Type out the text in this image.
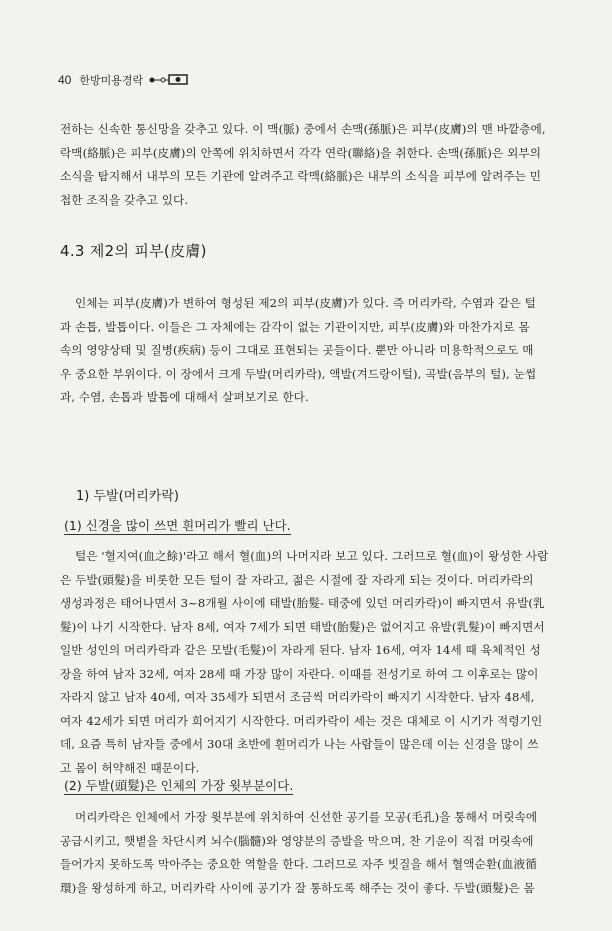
40 한방미용경락
전하는 신속한 통신망을 갖추고 있다. 이 맥(脈) 중에서 손맥(孫脈)은 피부(皮膚)의 맨 바깥층에,
락맥(絡脈)은 피부(皮膚)의 안쪽에 위치하면서 각각 연락(聯絡)을 취한다. 손맥(孫脈)은 외부의
소식을 탐지해서 내부의 모든 기관에 알려주고 락맥(絡脈)은 내부의 소식을 피부에 알려주는 민
첩한 조직을 갖추고 있다.
4.3 제2의 피부(皮膚)
인체는 피부(皮膚)가 변하여 형성된 제2의 피부(皮膚)가 있다. 즉 머리카락, 수염과 같은 털
과 손톱, 발톱이다. 이들은 그 자체에는 감각이 없는 기관이지만, 피부(皮膚)와 마찬가지로 몸
속의 영양상태 및 질병(疾病) 등이 그대로 표현되는 곳들이다. 뿐만 아니라 미용학적으로도 매
우 중요한 부위이다. 이 장에서 크게 두발(머리카락), 액발(겨드랑이털), 곡발(음부의 털), 눈썹
과, 수염, 손톱과 발톱에 대해서 살펴보기로 한다.
1) 두발(머리카락)
(1) 신경을 많이 쓰면 흰머리가 빨리 난다.
털은 '혈지여(血之餘)'라고 해서 혈(血)의 나머지라 보고 있다. 그러므로 혈(血)이 왕성한 사람
은 두발(頭髮)을 비롯한 모든 털이 잘 자라고, 젊은 시절에 잘 자라게 되는 것이다. 머리카락의
생성과정은 태어나면서 3~8개월 사이에 태발(胎髮- 태중에 있던 머리카락)이 빠지면서 유발(乳
髮)이 나기 시작한다. 남자 8세, 여자 7세가 되면 태발(胎髮)은 없어지고 유발(乳髮)이 빠지면서
일반 성인의 머리카락과 같은 모발(毛髮)이 자라게 된다. 남자 16세, 여자 14세 때 육체적인 성
장을 하여 남자 32세, 여자 28세 때 가장 많이 자란다. 이때를 전성기로 하여 그 이후로는 많이
자라지 않고 남자 40세, 여자 35세가 되면서 조금씩 머리카락이 빠지기 시작한다. 남자 48세,
여자 42세가 되면 머리가 희어지기 시작한다. 머리카락이 세는 것은 대체로 이 시기가 적령기인
데, 요즘 특히 남자들 중에서 30대 초반에 흰머리가 나는 사람들이 많은데 이는 신경을 많이 쓰
고 몸이 허약해진 때문이다.
(2) 두발(頭髮)은 인체의 가장 윗부분이다.
머리카락은 인체에서 가장 윗부분에 위치하여 신선한 공기를 모공(毛孔)을 통해서 머릿속에
공급시키고, 햇볕을 차단시켜 뇌수(腦髓)와 영양분의 증발을 막으며, 찬 기운이 직접 머릿속에
들어가지 못하도록 막아주는 중요한 역할을 한다. 그러므로 자주 빗질을 해서 혈액순환(血液循
環)을 왕성하게 하고, 머리카락 사이에 공기가 잘 통하도록 해주는 것이 좋다. 두발(頭髮)은 몸
